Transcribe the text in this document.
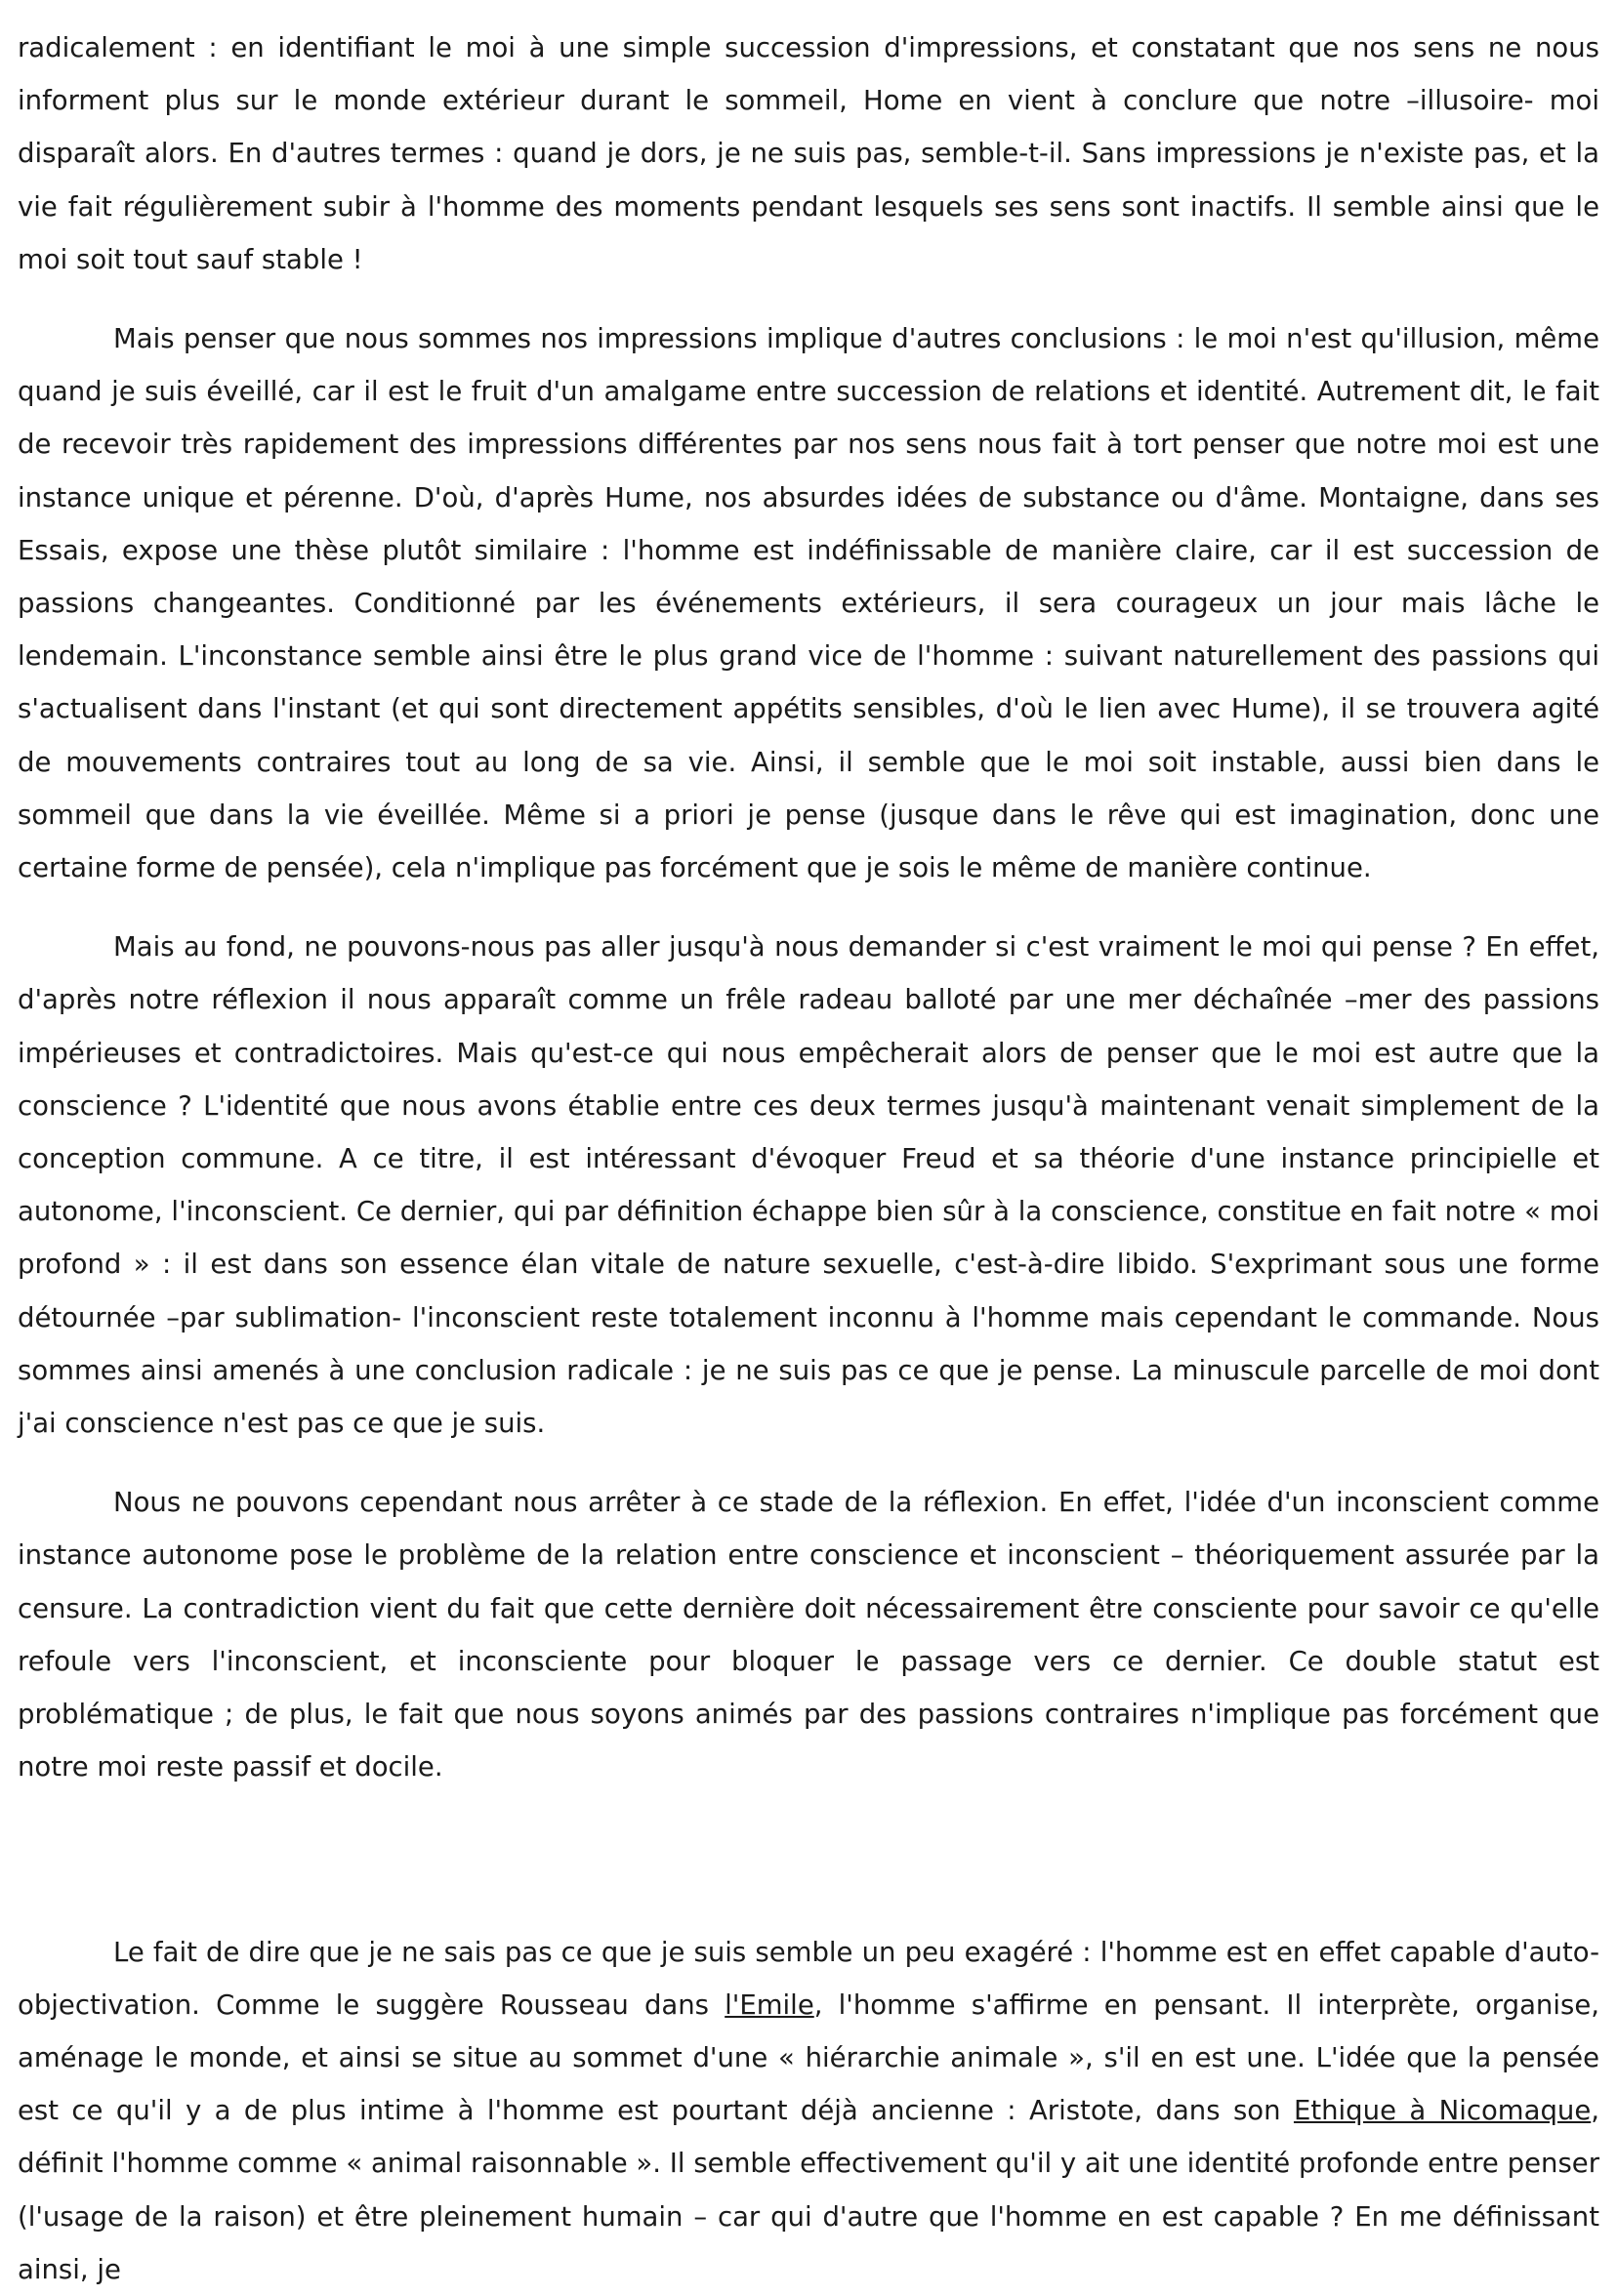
radicalement : en identifiant le moi à une simple succession d'impressions, et constatant que nos sens ne nous informent plus sur le monde extérieur durant le sommeil, Home en vient à conclure que notre –illusoire- moi disparaît alors. En d'autres termes : quand je dors, je ne suis pas, semble-t-il. Sans impressions je n'existe pas, et la vie fait régulièrement subir à l'homme des moments pendant lesquels ses sens sont inactifs. Il semble ainsi que le moi soit tout sauf stable !

Mais penser que nous sommes nos impressions implique d'autres conclusions : le moi n'est qu'illusion, même quand je suis éveillé, car il est le fruit d'un amalgame entre succession de relations et identité. Autrement dit, le fait de recevoir très rapidement des impressions différentes par nos sens nous fait à tort penser que notre moi est une instance unique et pérenne. D'où, d'après Hume, nos absurdes idées de substance ou d'âme. Montaigne, dans ses Essais, expose une thèse plutôt similaire : l'homme est indéfinissable de manière claire, car il est succession de passions changeantes. Conditionné par les événements extérieurs, il sera courageux un jour mais lâche le lendemain. L'inconstance semble ainsi être le plus grand vice de l'homme : suivant naturellement des passions qui s'actualisent dans l'instant (et qui sont directement appétits sensibles, d'où le lien avec Hume), il se trouvera agité de mouvements contraires tout au long de sa vie. Ainsi, il semble que le moi soit instable, aussi bien dans le sommeil que dans la vie éveillée. Même si a priori je pense (jusque dans le rêve qui est imagination, donc une certaine forme de pensée), cela n'implique pas forcément que je sois le même de manière continue.

Mais au fond, ne pouvons-nous pas aller jusqu'à nous demander si c'est vraiment le moi qui pense ? En effet, d'après notre réflexion il nous apparaît comme un frêle radeau balloté par une mer déchaînée –mer des passions impérieuses et contradictoires. Mais qu'est-ce qui nous empêcherait alors de penser que le moi est autre que la conscience ? L'identité que nous avons établie entre ces deux termes jusqu'à maintenant venait simplement de la conception commune. A ce titre, il est intéressant d'évoquer Freud et sa théorie d'une instance principielle et autonome, l'inconscient. Ce dernier, qui par définition échappe bien sûr à la conscience, constitue en fait notre « moi profond » : il est dans son essence élan vitale de nature sexuelle, c'est-à-dire libido. S'exprimant sous une forme détournée –par sublimation- l'inconscient reste totalement inconnu à l'homme mais cependant le commande. Nous sommes ainsi amenés à une conclusion radicale : je ne suis pas ce que je pense. La minuscule parcelle de moi dont j'ai conscience n'est pas ce que je suis.

Nous ne pouvons cependant nous arrêter à ce stade de la réflexion. En effet, l'idée d'un inconscient comme instance autonome pose le problème de la relation entre conscience et inconscient – théoriquement assurée par la censure. La contradiction vient du fait que cette dernière doit nécessairement être consciente pour savoir ce qu'elle refoule vers l'inconscient, et inconsciente pour bloquer le passage vers ce dernier. Ce double statut est problématique ; de plus, le fait que nous soyons animés par des passions contraires n'implique pas forcément que notre moi reste passif et docile.

Le fait de dire que je ne sais pas ce que je suis semble un peu exagéré : l'homme est en effet capable d'auto-objectivation. Comme le suggère Rousseau dans l'Emile, l'homme s'affirme en pensant. Il interprète, organise, aménage le monde, et ainsi se situe au sommet d'une « hiérarchie animale », s'il en est une. L'idée que la pensée est ce qu'il y a de plus intime à l'homme est pourtant déjà ancienne : Aristote, dans son Ethique à Nicomaque, définit l'homme comme « animal raisonnable ». Il semble effectivement qu'il y ait une identité profonde entre penser (l'usage de la raison) et être pleinement humain – car qui d'autre que l'homme en est capable ? En me définissant ainsi, je
